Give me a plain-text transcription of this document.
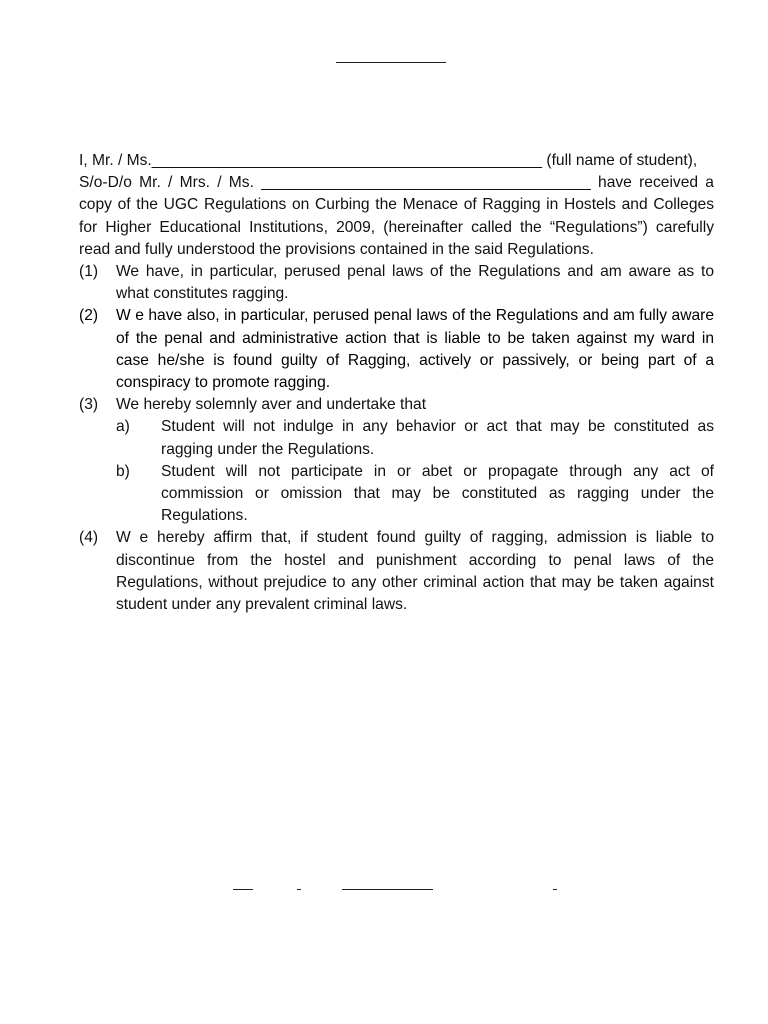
I, Mr. / Ms._____________________________________________ (full name of student),
S/o-D/o Mr. / Mrs. / Ms. ______________________________________ have received a copy of the UGC Regulations on Curbing the Menace of Ragging in Hostels and Colleges for Higher Educational Institutions, 2009, (hereinafter called the “Regulations”) carefully read and fully understood the provisions contained in the said Regulations.

(1) We have, in particular, perused penal laws of the Regulations and am aware as to what constitutes ragging.
(2) W e have also, in particular, perused penal laws of the Regulations and am fully aware of the penal and administrative action that is liable to be taken against my ward in case he/she is found guilty of Ragging, actively or passively, or being part of a conspiracy to promote ragging.
(3) We hereby solemnly aver and undertake that
a) Student will not indulge in any behavior or act that may be constituted as ragging under the Regulations.
b) Student will not participate in or abet or propagate through any act of commission or omission that may be constituted as ragging under the Regulations.
(4) W e hereby affirm that, if student found guilty of ragging, admission is liable to discontinue from the hostel and punishment according to penal laws of the Regulations, without prejudice to any other criminal action that may be taken against student under any prevalent criminal laws.
